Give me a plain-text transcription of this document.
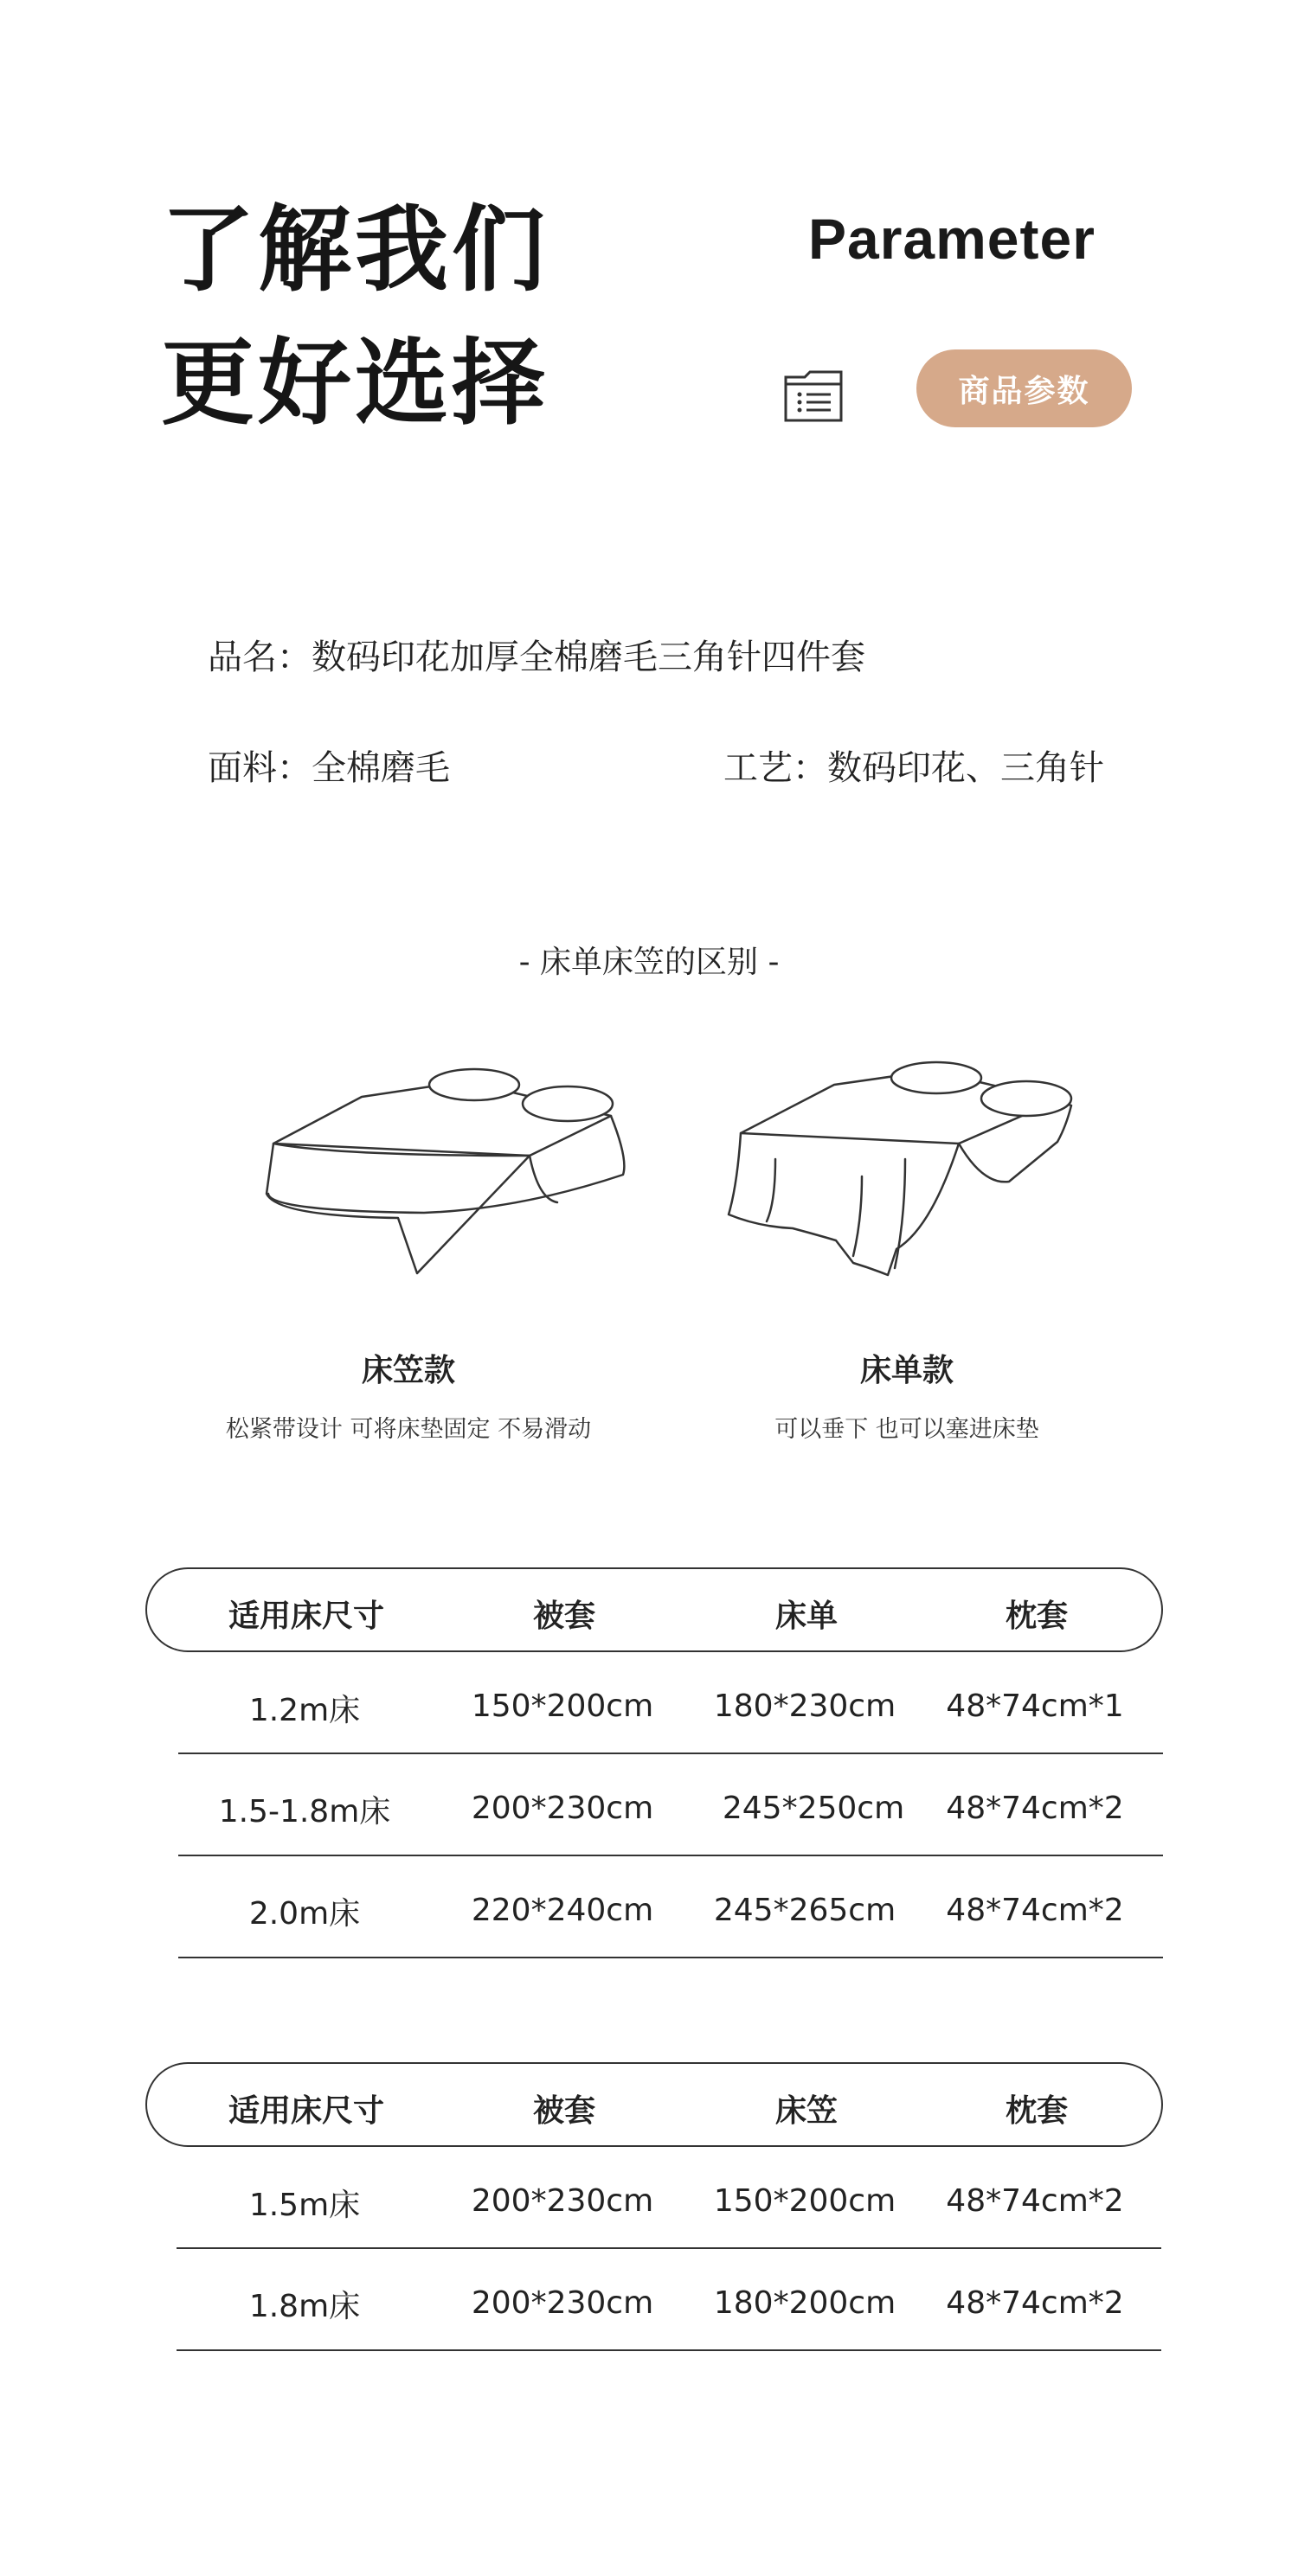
了解我们
更好选择
Parameter
商品参数
品名：数码印花加厚全棉磨毛三角针四件套
面料：全棉磨毛	工艺：数码印花、三角针
- 床单床笠的区别 -
床笠款
松紧带设计 可将床垫固定 不易滑动
床单款
可以垂下 也可以塞进床垫
适用床尺寸	被套	床单	枕套
1.2m床	150*200cm 180*230cm 48*74cm*1
1.5-1.8m床	200*230cm 245*250cm 48*74cm*2
2.0m床	220*240cm 245*265cm 48*74cm*2
适用床尺寸	被套	床笠	枕套
1.5m床	200*230cm 150*200cm 48*74cm*2
1.8m床	200*230cm 180*200cm 48*74cm*2
